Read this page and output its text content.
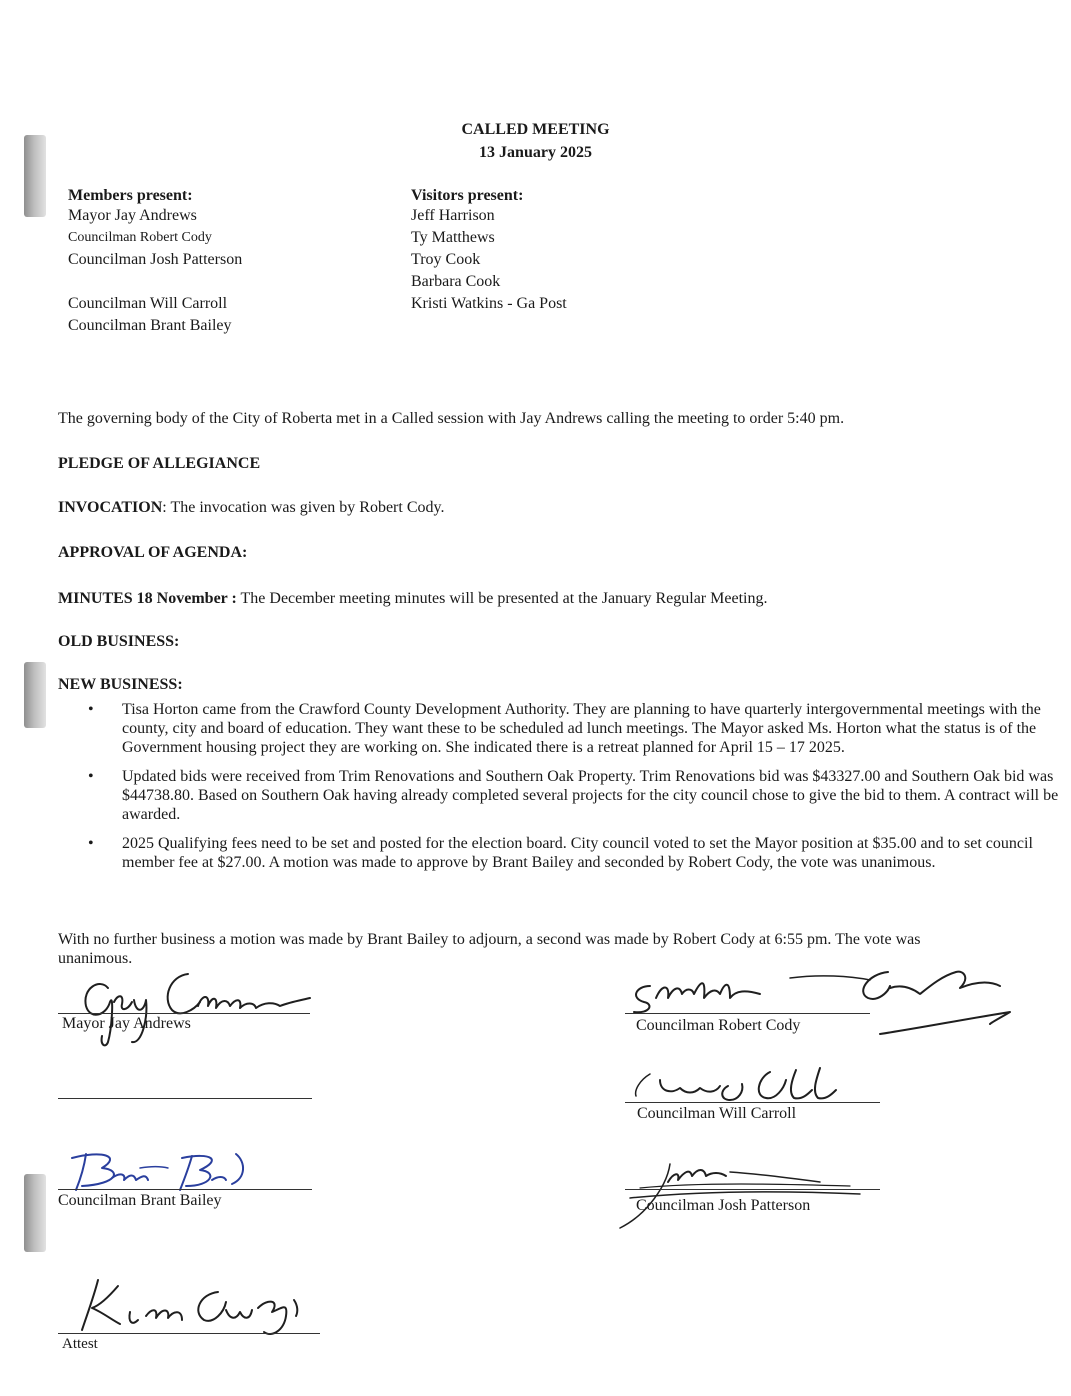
CALLED MEETING
13 January 2025
Members present:
Mayor Jay Andrews
Councilman Robert Cody
Councilman Josh Patterson
Councilman Will Carroll
Councilman Brant Bailey
Visitors present:
Jeff Harrison
Ty Matthews
Troy Cook
Barbara Cook
Kristi Watkins - Ga Post
The governing body of the City of Roberta met in a Called session with Jay Andrews calling the meeting to order 5:40 pm.
PLEDGE OF ALLEGIANCE
INVOCATION: The invocation was given by Robert Cody.
APPROVAL OF AGENDA:
MINUTES 18 November : The December meeting minutes will be presented at the January Regular Meeting.
OLD BUSINESS:
NEW BUSINESS:
• Tisa Horton came from the Crawford County Development Authority. They are planning to have quarterly intergovernmental meetings with the county, city and board of education. They want these to be scheduled ad lunch meetings. The Mayor asked Ms. Horton what the status is of the Government housing project they are working on. She indicated there is a retreat planned for April 15 – 17 2025.
• Updated bids were received from Trim Renovations and Southern Oak Property. Trim Renovations bid was $43327.00 and Southern Oak bid was $44738.80. Based on Southern Oak having already completed several projects for the city council chose to give the bid to them. A contract will be awarded.
• 2025 Qualifying fees need to be set and posted for the election board. City council voted to set the Mayor position at $35.00 and to set council member fee at $27.00. A motion was made to approve by Brant Bailey and seconded by Robert Cody, the vote was unanimous.
With no further business a motion was made by Brant Bailey to adjourn, a second was made by Robert Cody at 6:55 pm. The vote was unanimous.
Mayor Jay Andrews	Councilman Robert Cody
Councilman Will Carroll
Councilman Brant Bailey	Councilman Josh Patterson
Attest
